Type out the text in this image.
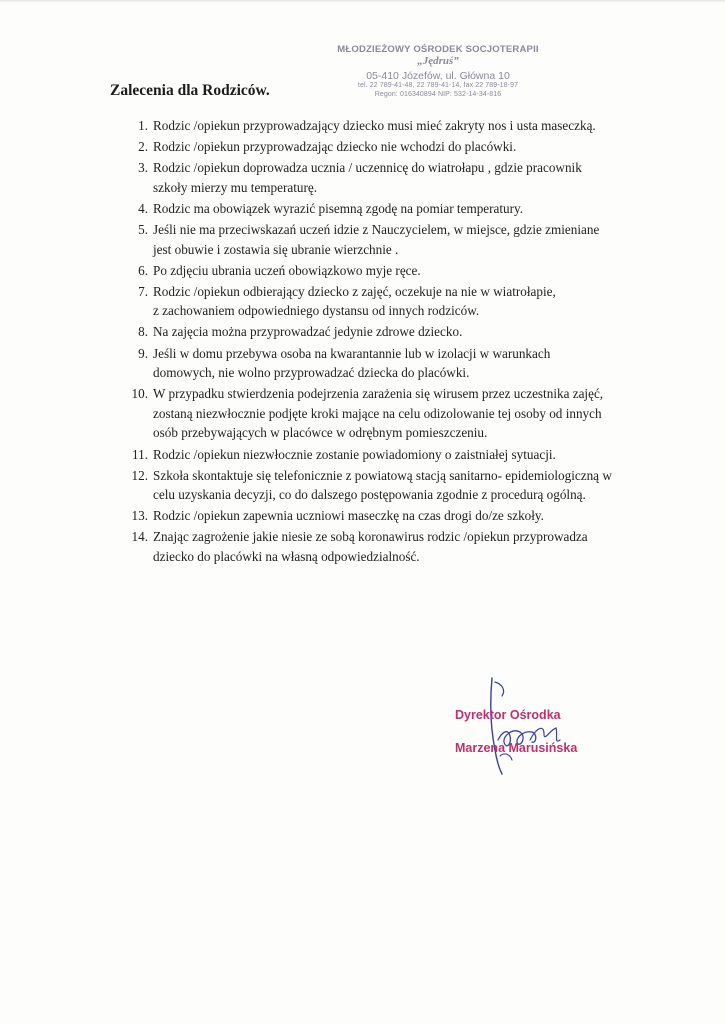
MŁODZIEŻOWY OŚRODEK SOCJOTERAPII
„Jędruś”
05-410 Józefów, ul. Główna 10
tel. 22 789-41-48, 22 789-41-14, fax 22 789-18-97
Regon: 016340894 NIP: 532-14-34-816
Zalecenia dla Rodziców.
1. Rodzic /opiekun przyprowadzający dziecko musi mieć zakryty nos i usta maseczką.
2. Rodzic /opiekun przyprowadzając dziecko nie wchodzi do placówki.
3. Rodzic /opiekun doprowadza ucznia / uczennicę do wiatrołapu , gdzie pracownik
szkoły mierzy mu temperaturę.
4. Rodzic ma obowiązek wyrazić pisemną zgodę na pomiar temperatury.
5. Jeśli nie ma przeciwskazań uczeń idzie z Nauczycielem, w miejsce, gdzie zmieniane
jest obuwie i zostawia się ubranie wierzchnie .
6. Po zdjęciu ubrania uczeń obowiązkowo myje ręce.
7. Rodzic /opiekun odbierający dziecko z zajęć, oczekuje na nie w wiatrołapie,
z zachowaniem odpowiedniego dystansu od innych rodziców.
8. Na zajęcia można przyprowadzać jedynie zdrowe dziecko.
9. Jeśli w domu przebywa osoba na kwarantannie lub w izolacji w warunkach
domowych, nie wolno przyprowadzać dziecka do placówki.
10. W przypadku stwierdzenia podejrzenia zarażenia się wirusem przez uczestnika zajęć,
zostaną niezwłocznie podjęte kroki mające na celu odizolowanie tej osoby od innych
osób przebywających w placówce w odrębnym pomieszczeniu.
11. Rodzic /opiekun niezwłocznie zostanie powiadomiony o zaistniałej sytuacji.
12. Szkoła skontaktuje się telefonicznie z powiatową stacją sanitarno- epidemiologiczną w
celu uzyskania decyzji, co do dalszego postępowania zgodnie z procedurą ogólną.
13. Rodzic /opiekun zapewnia uczniowi maseczkę na czas drogi do/ze szkoły.
14. Znając zagrożenie jakie niesie ze sobą koronawirus rodzic /opiekun przyprowadza
dziecko do placówki na własną odpowiedzialność.
Dyrektor Ośrodka
Marzena Marusińska
